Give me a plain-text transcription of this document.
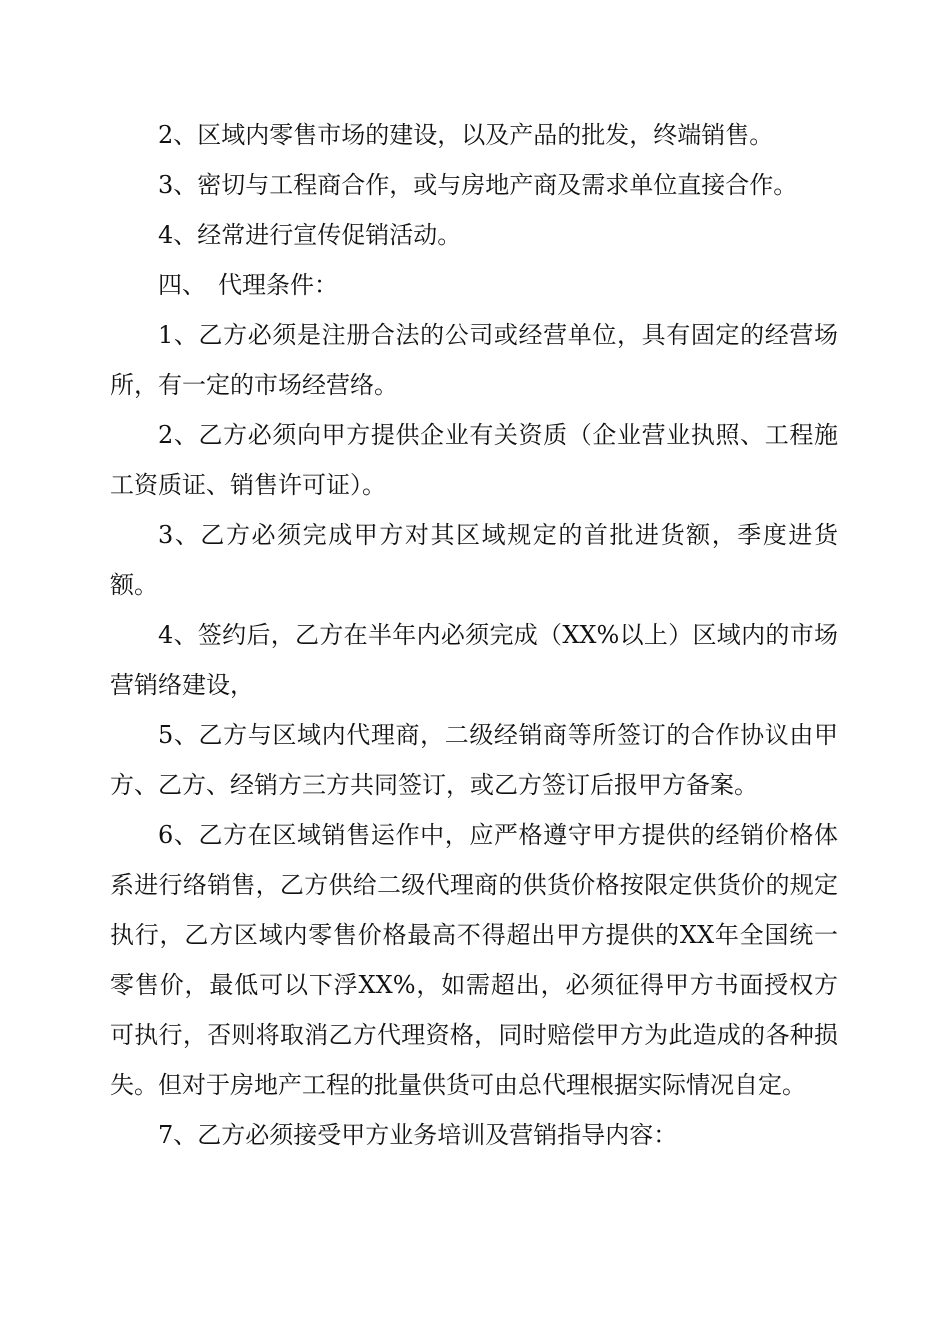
2、区域内零售市场的建设，以及产品的批发，终端销售。

3、密切与工程商合作，或与房地产商及需求单位直接合作。

4、经常进行宣传促销活动。

四、　代理条件：

1、乙方必须是注册合法的公司或经营单位，具有固定的经营场所，有一定的市场经营络。

2、乙方必须向甲方提供企业有关资质（企业营业执照、工程施工资质证、销售许可证）。

3、乙方必须完成甲方对其区域规定的首批进货额，季度进货额。

4、签约后，乙方在半年内必须完成（XX%以上）区域内的市场营销络建设，

5、乙方与区域内代理商，二级经销商等所签订的合作协议由甲方、乙方、经销方三方共同签订，或乙方签订后报甲方备案。

6、乙方在区域销售运作中，应严格遵守甲方提供的经销价格体系进行络销售，乙方供给二级代理商的供货价格按限定供货价的规定执行，乙方区域内零售价格最高不得超出甲方提供的XX年全国统一零售价，最低可以下浮XX%，如需超出，必须征得甲方书面授权方可执行，否则将取消乙方代理资格，同时赔偿甲方为此造成的各种损失。但对于房地产工程的批量供货可由总代理根据实际情况自定。

7、乙方必须接受甲方业务培训及营销指导内容：
